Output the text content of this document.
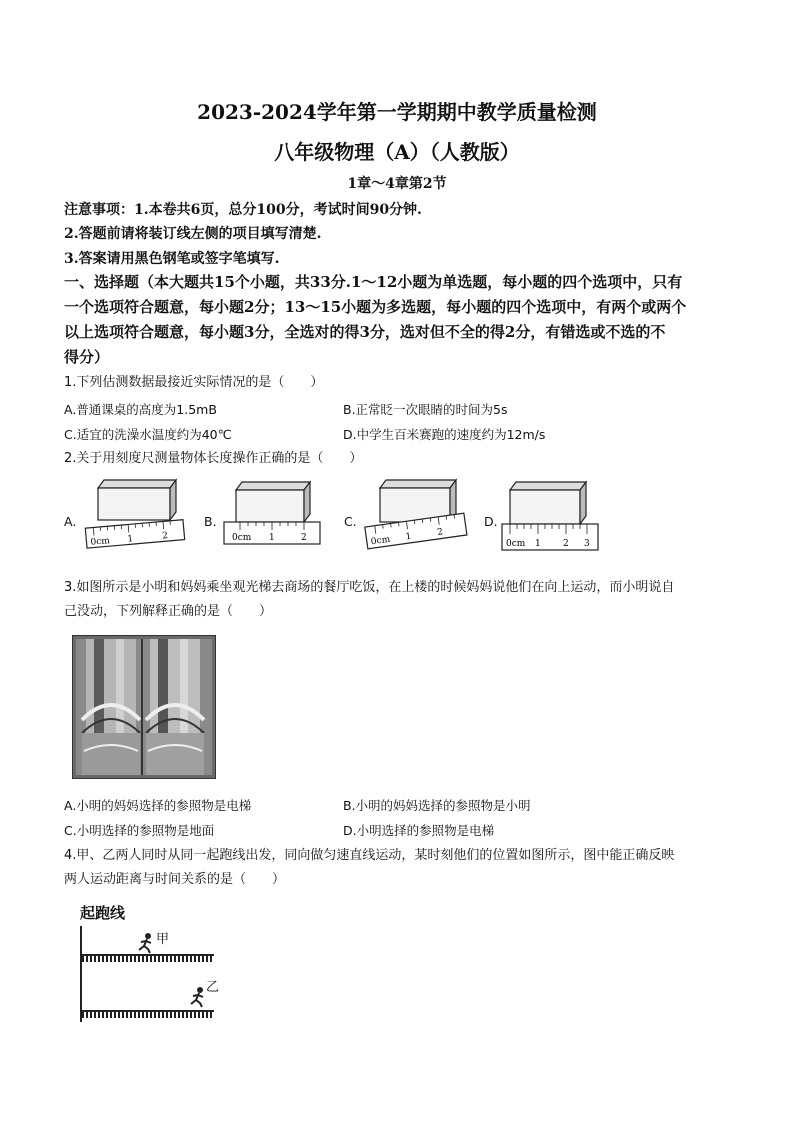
2023-2024学年第一学期期中教学质量检测
八年级物理（A）（人教版）
1章～4章第2节
注意事项：1.本卷共6页，总分100分，考试时间90分钟.
2.答题前请将装订线左侧的项目填写清楚.
3.答案请用黑色钢笔或签字笔填写.
一、选择题（本大题共15个小题，共33分.1～12小题为单选题，每小题的四个选项中，只有
一个选项符合题意，每小题2分；13～15小题为多选题，每小题的四个选项中，有两个或两个
以上选项符合题意，每小题3分，全选对的得3分，选对但不全的得2分，有错选或不选的不
得分）
1.下列估测数据最接近实际情况的是（　　）
A.普通课桌的高度为1.5mB	B.正常眨一次眼睛的时间为5s
C.适宜的洗澡水温度约为40℃	D.中学生百米赛跑的速度约为12m/s
2.关于用刻度尺测量物体长度操作正确的是（　　）
A.	B.	C.	D.
0cm 1	2	0cm 1	2	0cm 1	2
0cm 1 2 3
3.如图所示是小明和妈妈乘坐观光梯去商场的餐厅吃饭，在上楼的时候妈妈说他们在向上运动，而小明说自
己没动，下列解释正确的是（　　）
A.小明的妈妈选择的参照物是电梯	B.小明的妈妈选择的参照物是小明
C.小明选择的参照物是地面	D.小明选择的参照物是电梯
4.甲、乙两人同时从同一起跑线出发，同向做匀速直线运动，某时刻他们的位置如图所示，图中能正确反映
两人运动距离与时间关系的是（　　）
起跑线
甲
乙
